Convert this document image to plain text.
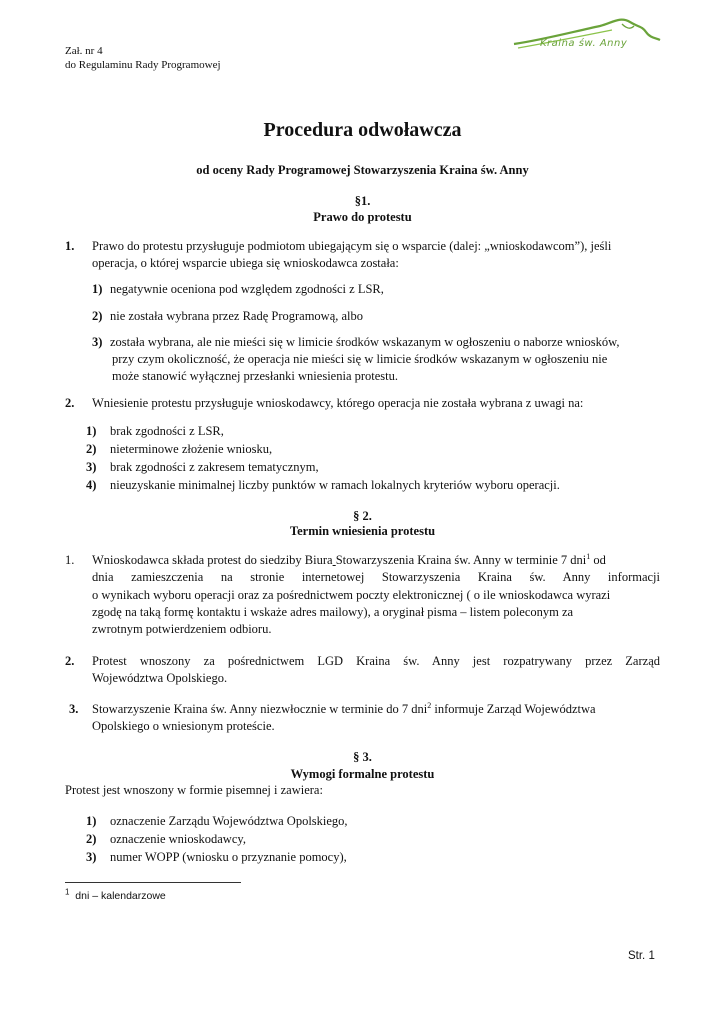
Zał. nr 4
do Regulaminu Rady Programowej
Kraina św. Anny
Procedura odwoławcza
od oceny Rady Programowej Stowarzyszenia Kraina św. Anny
§1.
Prawo do protestu
1. Prawo do protestu przysługuje podmiotom ubiegającym się o wsparcie (dalej: „wnioskodawcom”), jeśli
operacja, o której wsparcie ubiega się wnioskodawca została:
1) negatywnie oceniona pod względem zgodności z LSR,
2) nie została wybrana przez Radę Programową, albo
3) została wybrana, ale nie mieści się w limicie środków wskazanym w ogłoszeniu o naborze wniosków,
przy czym okoliczność, że operacja nie mieści się w limicie środków wskazanym w ogłoszeniu nie
może stanowić wyłącznej przesłanki wniesienia protestu.
2. Wniesienie protestu przysługuje wnioskodawcy, którego operacja nie została wybrana z uwagi na:
1) brak zgodności z LSR,
2) nieterminowe złożenie wniosku,
3) brak zgodności z zakresem tematycznym,
4) nieuzyskanie minimalnej liczby punktów w ramach lokalnych kryteriów wyboru operacji.
§ 2.
Termin wniesienia protestu
1. Wnioskodawca składa protest do siedziby Biura Stowarzyszenia Kraina św. Anny w terminie 7 dni$^1$ od
dnia zamieszczenia na stronie internetowej Stowarzyszenia Kraina św. Anny informacji
o wynikach wyboru operacji oraz za pośrednictwem poczty elektronicznej ( o ile wnioskodawca wyrazi
zgodę na taką formę kontaktu i wskaże adres mailowy), a oryginał pisma – listem poleconym za
zwrotnym potwierdzeniem odbioru.
2. Protest wnoszony za pośrednictwem LGD Kraina św. Anny jest rozpatrywany przez Zarząd
Województwa Opolskiego.
3. Stowarzyszenie Kraina św. Anny niezwłocznie w terminie do 7 dni$^2$ informuje Zarząd Województwa
Opolskiego o wniesionym proteście.
§ 3.
Wymogi formalne protestu
Protest jest wnoszony w formie pisemnej i zawiera:
1) oznaczenie Zarządu Województwa Opolskiego,
2) oznaczenie wnioskodawcy,
3) numer WOPP (wniosku o przyznanie pomocy),
$^1$ dni – kalendarzowe
Str. 1
